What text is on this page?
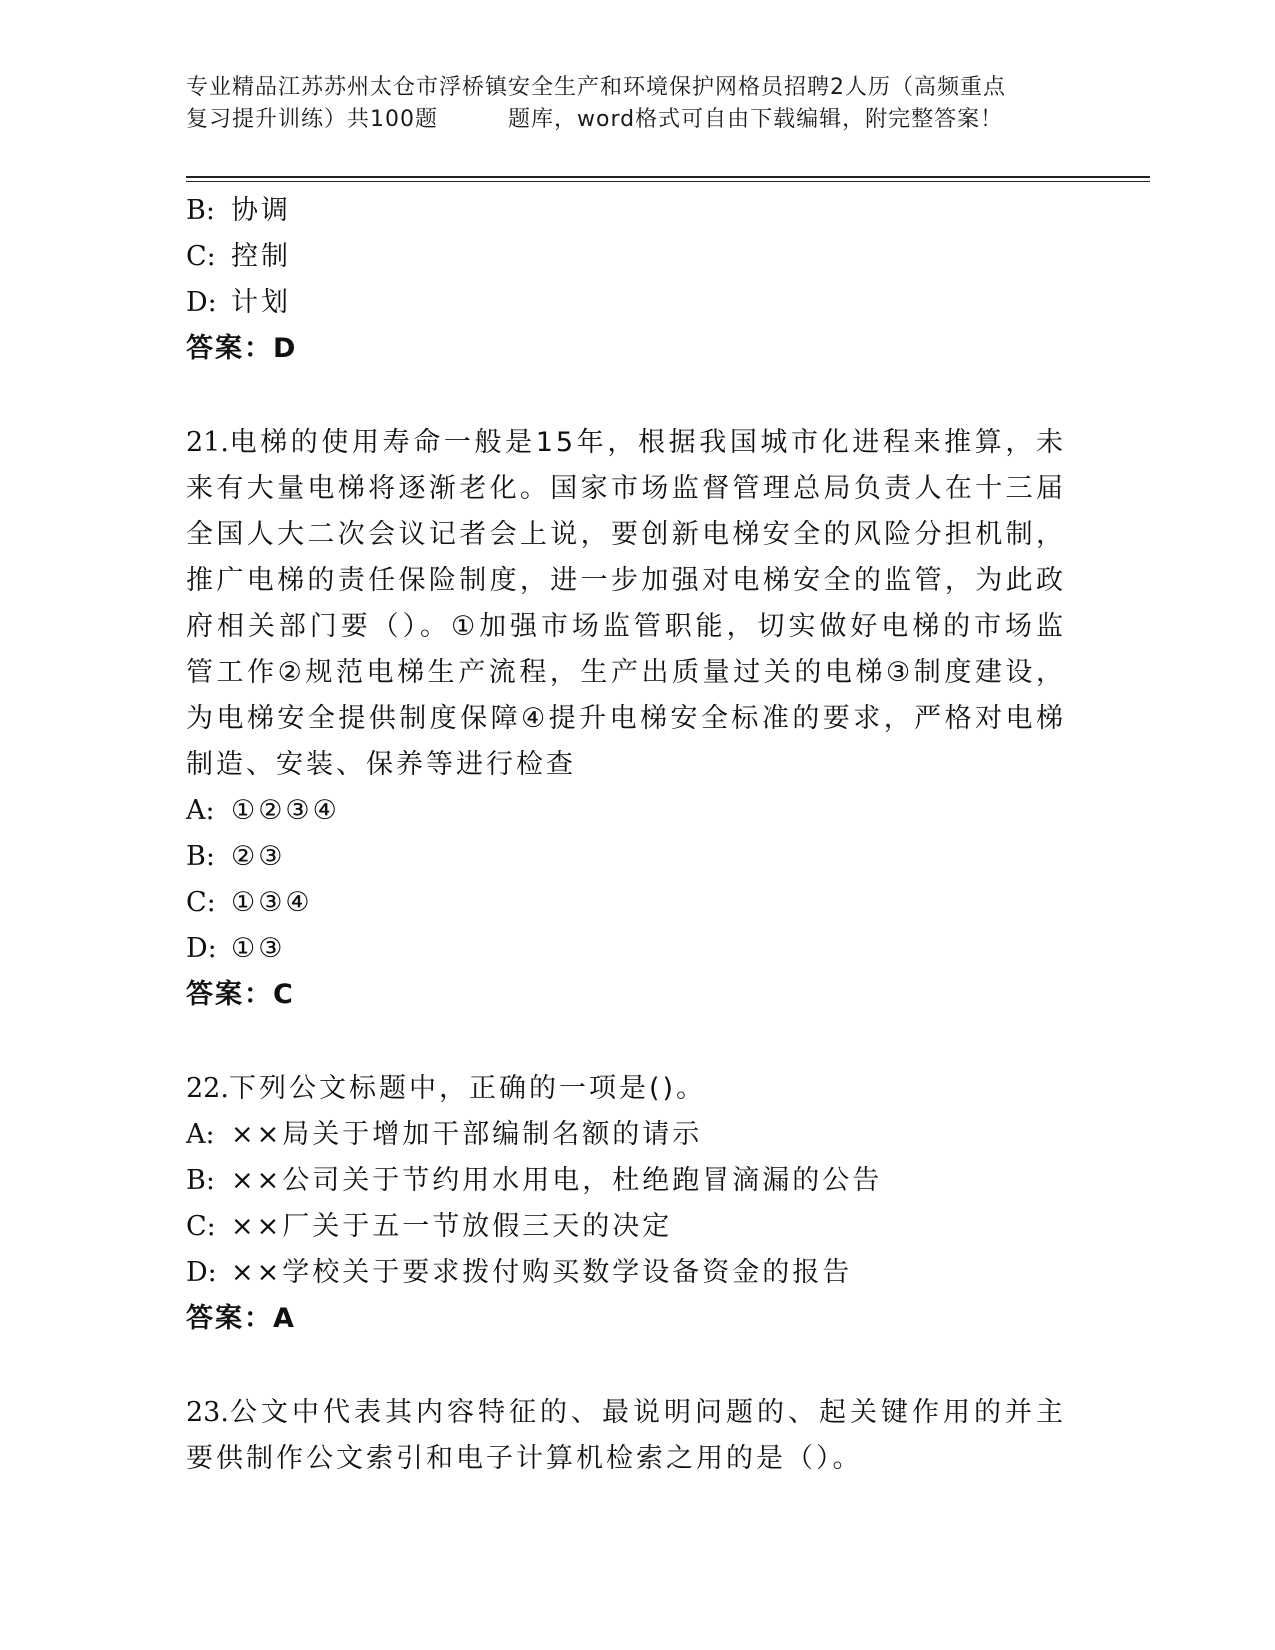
专业精品江苏苏州太仓市浮桥镇安全生产和环境保护网格员招聘2人历（高频重点
复习提升训练）共100题	题库，word格式可自由下载编辑，附完整答案！
B: 协调
C: 控制
D: 计划
答案：D
21.电梯的使用寿命一般是15年，根据我国城市化进程来推算，未来有大量电梯将逐渐老化。国家市场监督管理总局负责人在十三届全国人大二次会议记者会上说，要创新电梯安全的风险分担机制，推广电梯的责任保险制度，进一步加强对电梯安全的监管，为此政府相关部门要（）。①加强市场监管职能，切实做好电梯的市场监管工作②规范电梯生产流程，生产出质量过关的电梯③制度建设，为电梯安全提供制度保障④提升电梯安全标准的要求，严格对电梯制造、安装、保养等进行检查
A: ①②③④
B: ②③
C: ①③④
D: ①③
答案：C
22.下列公文标题中，正确的一项是()。
A: ××局关于增加干部编制名额的请示
B: ××公司关于节约用水用电，杜绝跑冒滴漏的公告
C: ××厂关于五一节放假三天的决定
D: ××学校关于要求拨付购买数学设备资金的报告
答案：A
23.公文中代表其内容特征的、最说明问题的、起关键作用的并主要供制作公文索引和电子计算机检索之用的是（）。
